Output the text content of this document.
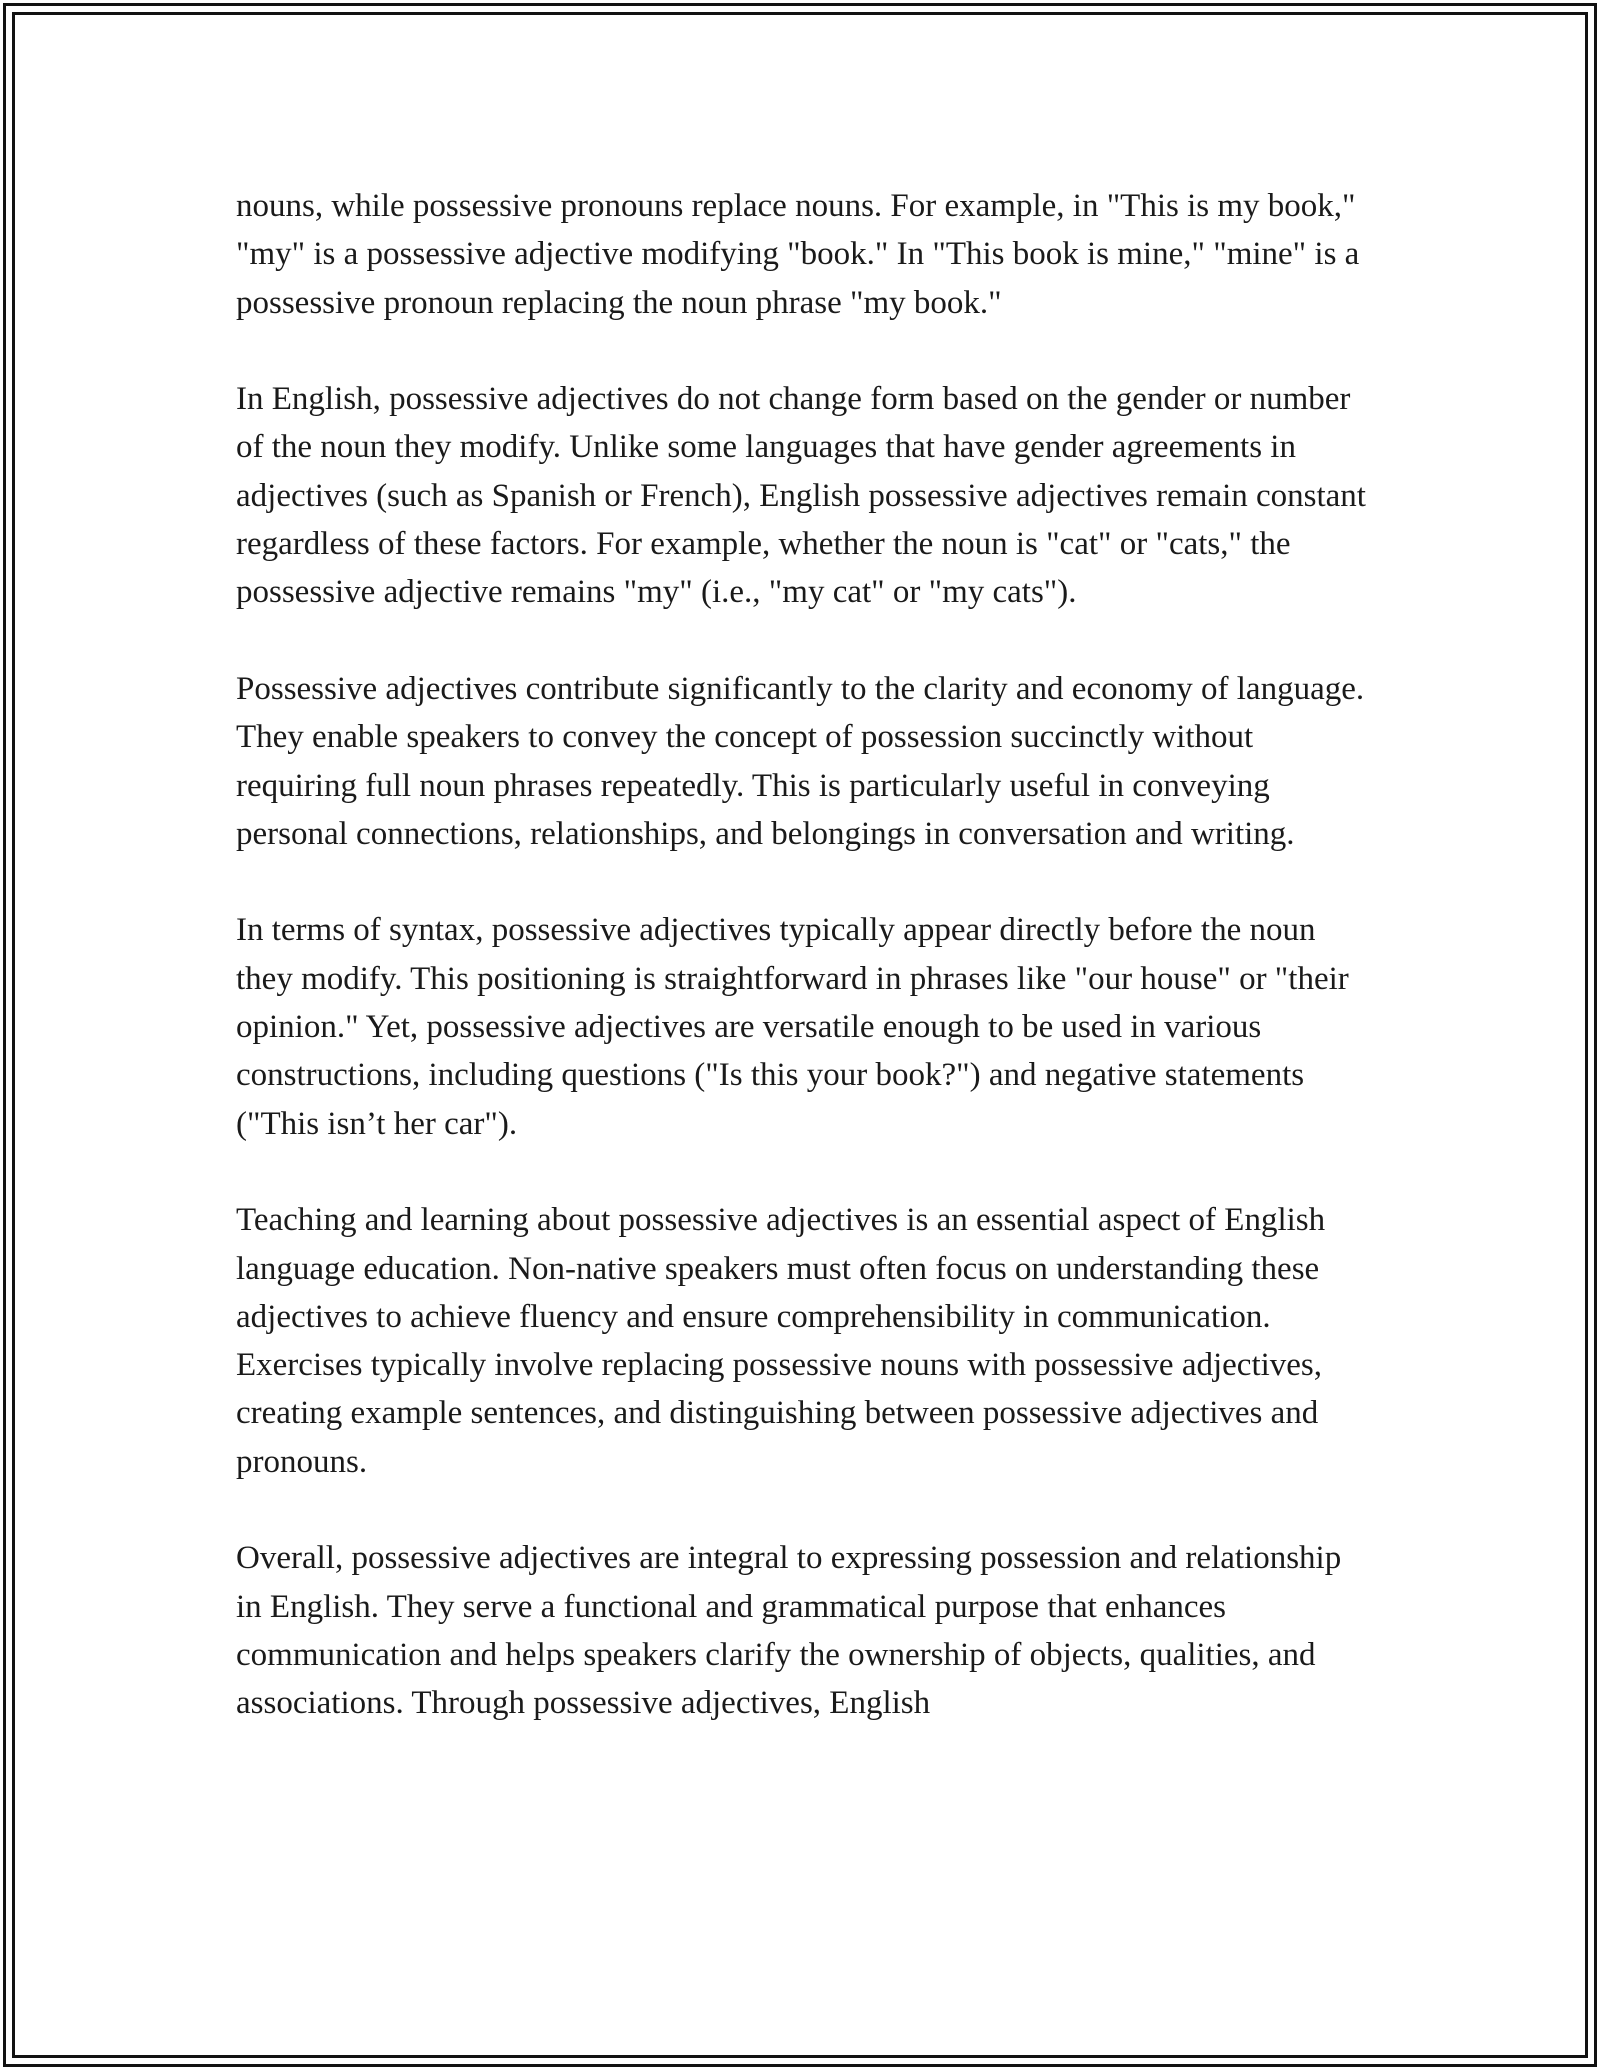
nouns, while possessive pronouns replace nouns. For example, in "This is my book," "my" is a possessive adjective modifying "book." In "This book is mine," "mine" is a possessive pronoun replacing the noun phrase "my book."

In English, possessive adjectives do not change form based on the gender or number of the noun they modify. Unlike some languages that have gender agreements in adjectives (such as Spanish or French), English possessive adjectives remain constant regardless of these factors. For example, whether the noun is "cat" or "cats," the possessive adjective remains "my" (i.e., "my cat" or "my cats").

Possessive adjectives contribute significantly to the clarity and economy of language. They enable speakers to convey the concept of possession succinctly without requiring full noun phrases repeatedly. This is particularly useful in conveying personal connections, relationships, and belongings in conversation and writing.

In terms of syntax, possessive adjectives typically appear directly before the noun they modify. This positioning is straightforward in phrases like "our house" or "their opinion." Yet, possessive adjectives are versatile enough to be used in various constructions, including questions ("Is this your book?") and negative statements ("This isn’t her car").

Teaching and learning about possessive adjectives is an essential aspect of English language education. Non-native speakers must often focus on understanding these adjectives to achieve fluency and ensure comprehensibility in communication. Exercises typically involve replacing possessive nouns with possessive adjectives, creating example sentences, and distinguishing between possessive adjectives and pronouns.

Overall, possessive adjectives are integral to expressing possession and relationship in English. They serve a functional and grammatical purpose that enhances communication and helps speakers clarify the ownership of objects, qualities, and associations. Through possessive adjectives, English
